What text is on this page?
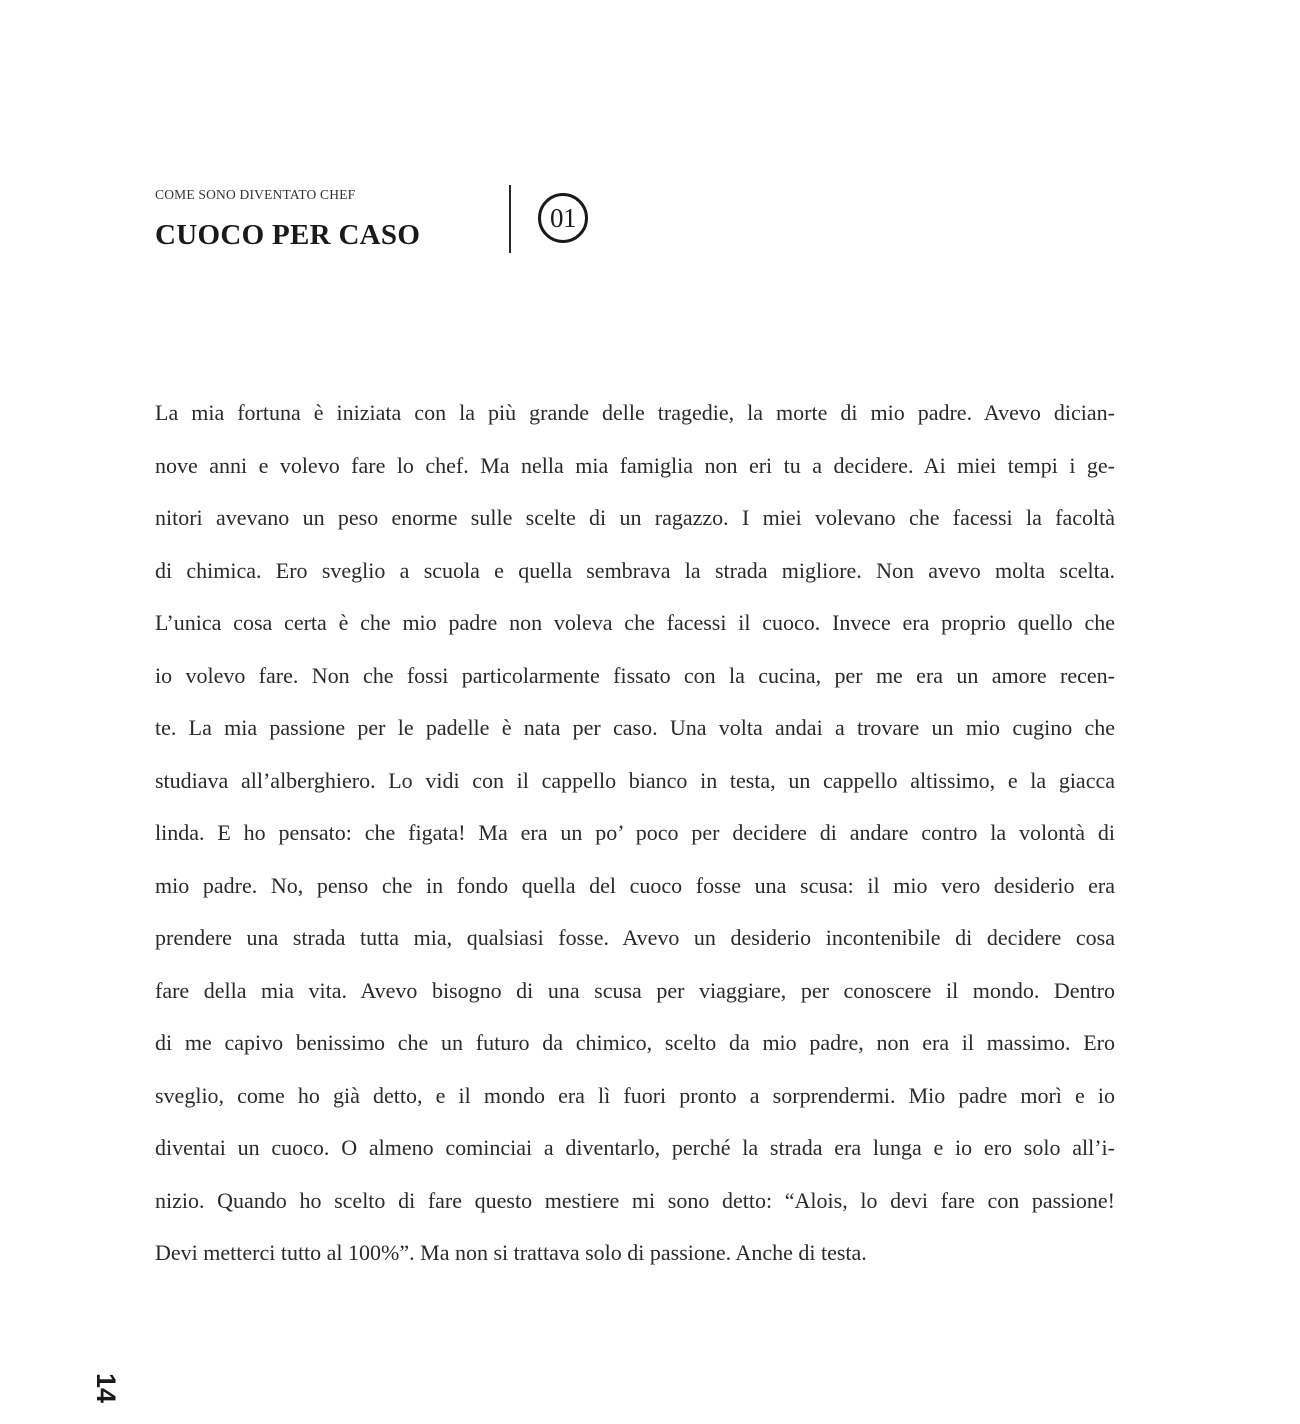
COME SONO DIVENTATO CHEF
CUOCO PER CASO
01
La mia fortuna è iniziata con la più grande delle tragedie, la morte di mio padre. Avevo dician-
nove anni e volevo fare lo chef. Ma nella mia famiglia non eri tu a decidere. Ai miei tempi i ge-
nitori avevano un peso enorme sulle scelte di un ragazzo. I miei volevano che facessi la facoltà
di chimica. Ero sveglio a scuola e quella sembrava la strada migliore. Non avevo molta scelta.
L’unica cosa certa è che mio padre non voleva che facessi il cuoco. Invece era proprio quello che
io volevo fare. Non che fossi particolarmente fissato con la cucina, per me era un amore recen-
te. La mia passione per le padelle è nata per caso. Una volta andai a trovare un mio cugino che
studiava all’alberghiero. Lo vidi con il cappello bianco in testa, un cappello altissimo, e la giacca
linda. E ho pensato: che figata! Ma era un po’ poco per decidere di andare contro la volontà di
mio padre. No, penso che in fondo quella del cuoco fosse una scusa: il mio vero desiderio era
prendere una strada tutta mia, qualsiasi fosse. Avevo un desiderio incontenibile di decidere cosa
fare della mia vita. Avevo bisogno di una scusa per viaggiare, per conoscere il mondo. Dentro
di me capivo benissimo che un futuro da chimico, scelto da mio padre, non era il massimo. Ero
sveglio, come ho già detto, e il mondo era lì fuori pronto a sorprendermi. Mio padre morì e io
diventai un cuoco. O almeno cominciai a diventarlo, perché la strada era lunga e io ero solo all’i-
nizio. Quando ho scelto di fare questo mestiere mi sono detto: “Alois, lo devi fare con passione!
Devi metterci tutto al 100%”. Ma non si trattava solo di passione. Anche di testa.
14
